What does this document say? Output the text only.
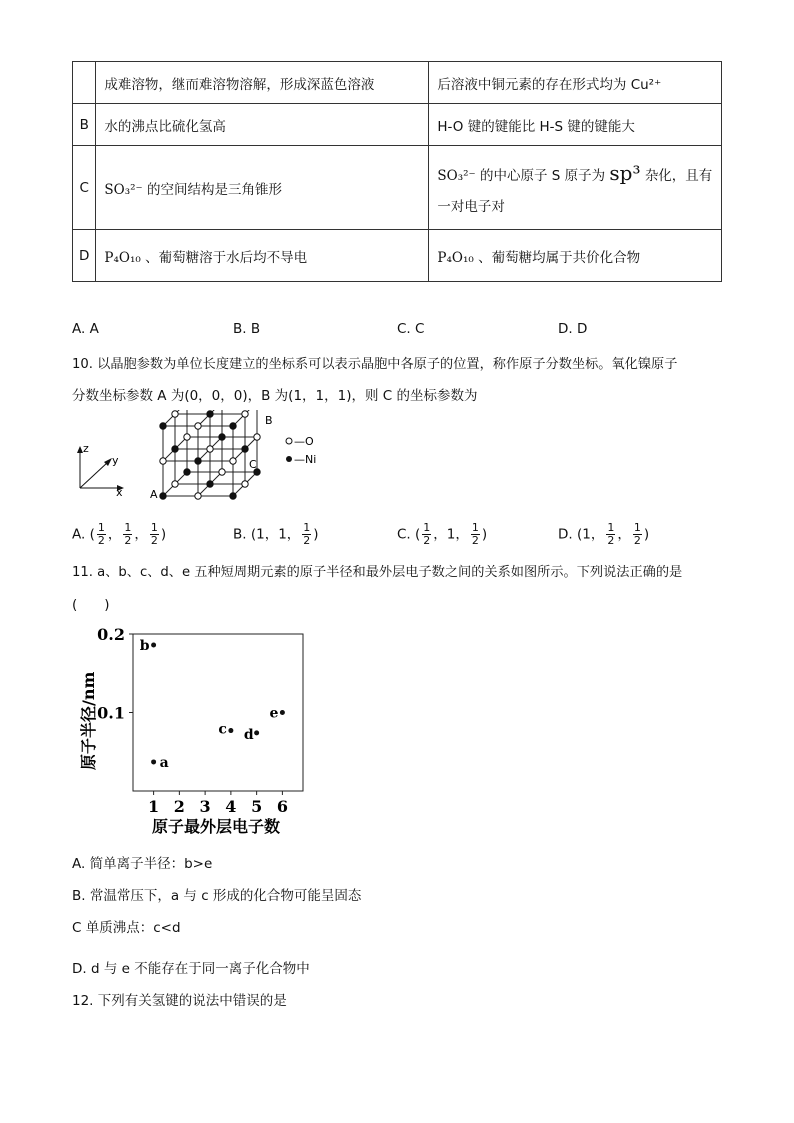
	成难溶物，继而难溶物溶解，形成深蓝色溶液	后溶液中铜元素的存在形式均为 Cu²⁺
B	水的沸点比硫化氢高	H-O 键的键能比 H-S 键的键能大
C	SO₃²⁻ 的空间结构是三角锥形	SO₃²⁻ 的中心原子 S 原子为 sp³ 杂化，且有
一对电子对

D	P₄O₁₀ 、葡萄糖溶于水后均不导电	P₄O₁₀ 、葡萄糖均属于共价化合物
A. A	B. B	C. C	D. D
10. 以晶胞参数为单位长度建立的坐标系可以表示晶胞中各原子的位置，称作原子分数坐标。氧化镍原子
分数坐标参数 A 为(0，0，0)，B 为(1，1，1)，则 C 的坐标参数为
z
y
x A
B
C
—O
—Ni
A. ( $\frac{1}{2}$ ， $\frac{1}{2}$ ， $\frac{1}{2}$ )	B. (1，1， $\frac{1}{2}$ )	C. ( $\frac{1}{2}$ ，1， $\frac{1}{2}$ )	D. (1， $\frac{1}{2}$ ， $\frac{1}{2}$ )
11. a、b、c、d、e 五种短周期元素的原子半径和最外层电子数之间的关系如图所示。下列说法正确的是
(　　)
0.1
0.2
1 2 3 4 5 6
a
b
c d
e
原子半径/nm
原子最外层电子数
A. 简单离子半径：b>e
B. 常温常压下，a 与 c 形成的化合物可能呈固态
C 单质沸点：c<d
D. d 与 e 不能存在于同一离子化合物中
12. 下列有关氢键的说法中错误的是
